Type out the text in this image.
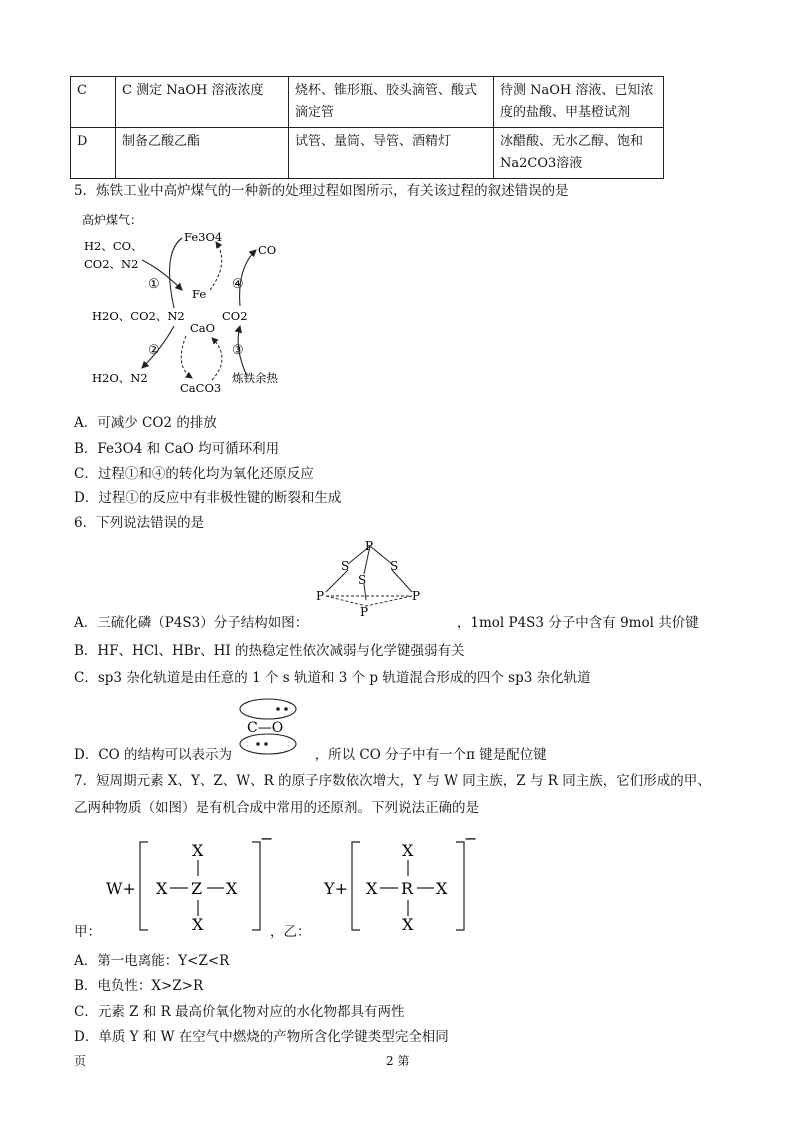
C	C 测定 NaOH 溶液浓度	烧杯、锥形瓶、胶头滴管、酸式滴定管	待测 NaOH 溶液、已知浓度的盐酸、甲基橙试剂
D	制备乙酸乙酯	试管、量筒、导管、酒精灯	冰醋酸、无水乙醇、饱和Na2CO3溶液
5．炼铁工业中高炉煤气的一种新的处理过程如图所示，有关该过程的叙述错误的是
高炉煤气：
H2、CO、
CO2、N2
Fe3O4
Fe
CO
H2O、CO2、N2
CaO
CO2
H2O、N2
CaCO3
炼铁余热
①
②	③
④
A．可减少 CO2 的排放
B．Fe3O4 和 CaO 均可循环利用
C．过程①和④的转化均为氧化还原反应
D．过程①的反应中有非极性键的断裂和生成
6．下列说法错误的是
P
S
S
S
P	P
P
A．三硫化磷（P4S3）分子结构如图：	，1mol P4S3 分子中含有 9mol 共价键
B．HF、HCl、HBr、HI 的热稳定性依次减弱与化学键强弱有关
C．sp3 杂化轨道是由任意的 1 个 s 轨道和 3 个 p 轨道混合形成的四个 sp3 杂化轨道
C—O
D．CO 的结构可以表示为	，所以 CO 分子中有一个π 键是配位键
7．短周期元素 X、Y、Z、W、R 的原子序数依次增大，Y 与 W 同主族，Z 与 R 同主族，它们形成的甲、
乙两种物质（如图）是有机合成中常用的还原剂。下列说法正确的是
W+
−
X
X Z X
X
Y+
−
X
X R X
X
甲：	，乙：
A．第一电离能：Y<Z<R
B．电负性：X>Z>R
C．元素 Z 和 R 最高价氧化物对应的水化物都具有两性
D．单质 Y 和 W 在空气中燃烧的产物所含化学键类型完全相同
页	2 第
